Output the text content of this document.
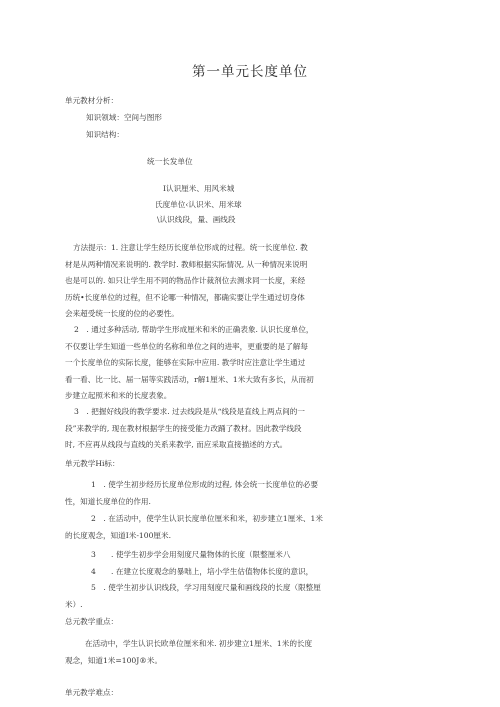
第一单元长度单位
单元教材分析：
知识领域：空间与图形
知识结构：
统一长发单位
I认识厘米、用风米城
氏度单位‹认识米、用米球
\认识线段，量、画线段
方法提示：1. 注意让学生经历长度单位形成的过程。统一长度单位. 教
材是从两种情况来说明的. 教学时. 教师根据实际情况, 从一种情况来说明
也是可以的. 如只让学生用不同的物品作计裁剂位去测求同一长度，来经
历统•长度单位的过程，但不论哪一种情况，都确实要让学生通过切身体
会来超受统一长度的位的必要性。
2　. 通过多种活动, 帮助学生形成厘米和米的正确表象. 认识长度单位，
不仅要让学生知道一些单位的名称和单位之间的进率，更重要的是了解每
一个长度单位的实际长度，能够在实际中应用. 教学时应注意让学生通过
看一看、比一比、届一届等实践活动，r解1厘米、1米大致有多长，从而初
步建立起照米和米的长度表象。
3　. 把握好线段的教学要求. 过去线段是从“线段是直线上两点间的一
段”来教学的, 现在教材根据学生的接受能力改踊了教材。因此教学线段
时, 不应再从线段与直线的关系来教学, 而应采取直接描述的方式。
单元教学Hi标：
1　. 使学生初步经历长度单位形成的过程, 体会统一长度单位的必要
性，知道长度单位的作用.
2　. 在活动中，使学生认识长度单位厘米和米，初步建立1厘米、1米
的长度观念，知道I米-100厘米.
3　　. 使学生初步学会用刻度尺量物体的长度（限整厘米八
4　　. 在建立长度观念的暴咄上，培小学生估值物体长度的意识，
5　. 使学生初步认识线段，学习用刻度尺量和画线段的长度（限整厘
米）.
总元教学重点：
在活动中，学生认识长欧单位厘米和米. 初步建立1厘米、1米的长度
观念，知道1米=100J®米。
单元教学难点：
